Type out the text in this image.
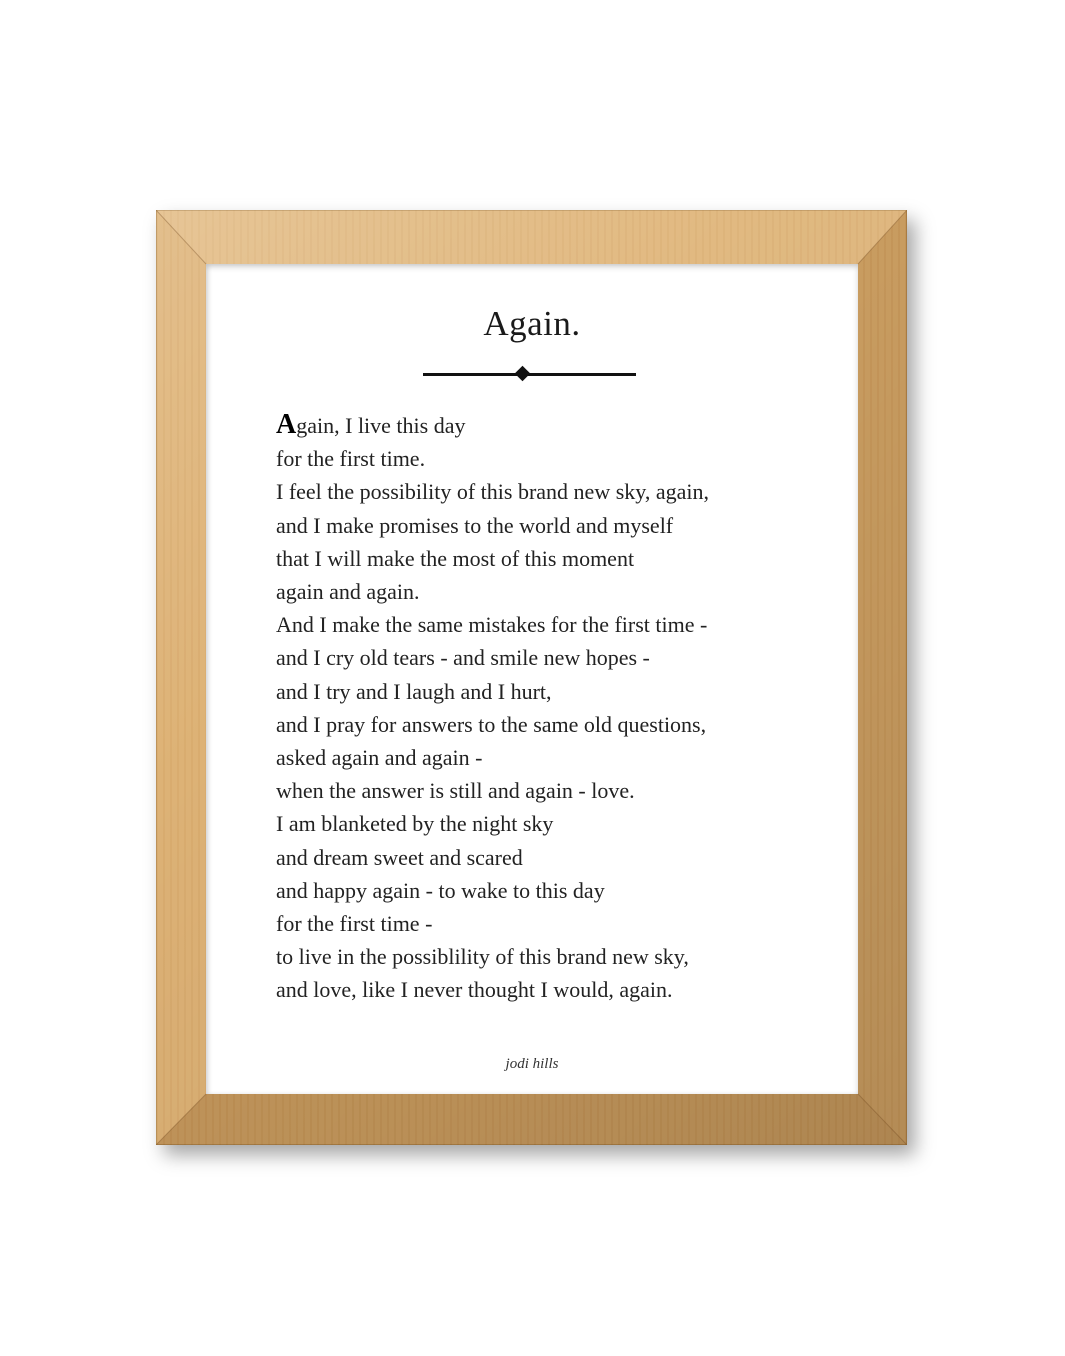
Again.
Again, I live this day
for the first time.
I feel the possibility of this brand new sky, again,
and I make promises to the world and myself
that I will make the most of this moment
again and again.
And I make the same mistakes for the first time -
and I cry old tears - and smile new hopes -
and I try and I laugh and I hurt,
and I pray for answers to the same old questions,
asked again and again -
when the answer is still and again - love.
I am blanketed by the night sky
and dream sweet and scared
and happy again - to wake to this day
for the first time -
to live in the possiblility of this brand new sky,
and love, like I never thought I would, again.
jodi hills
